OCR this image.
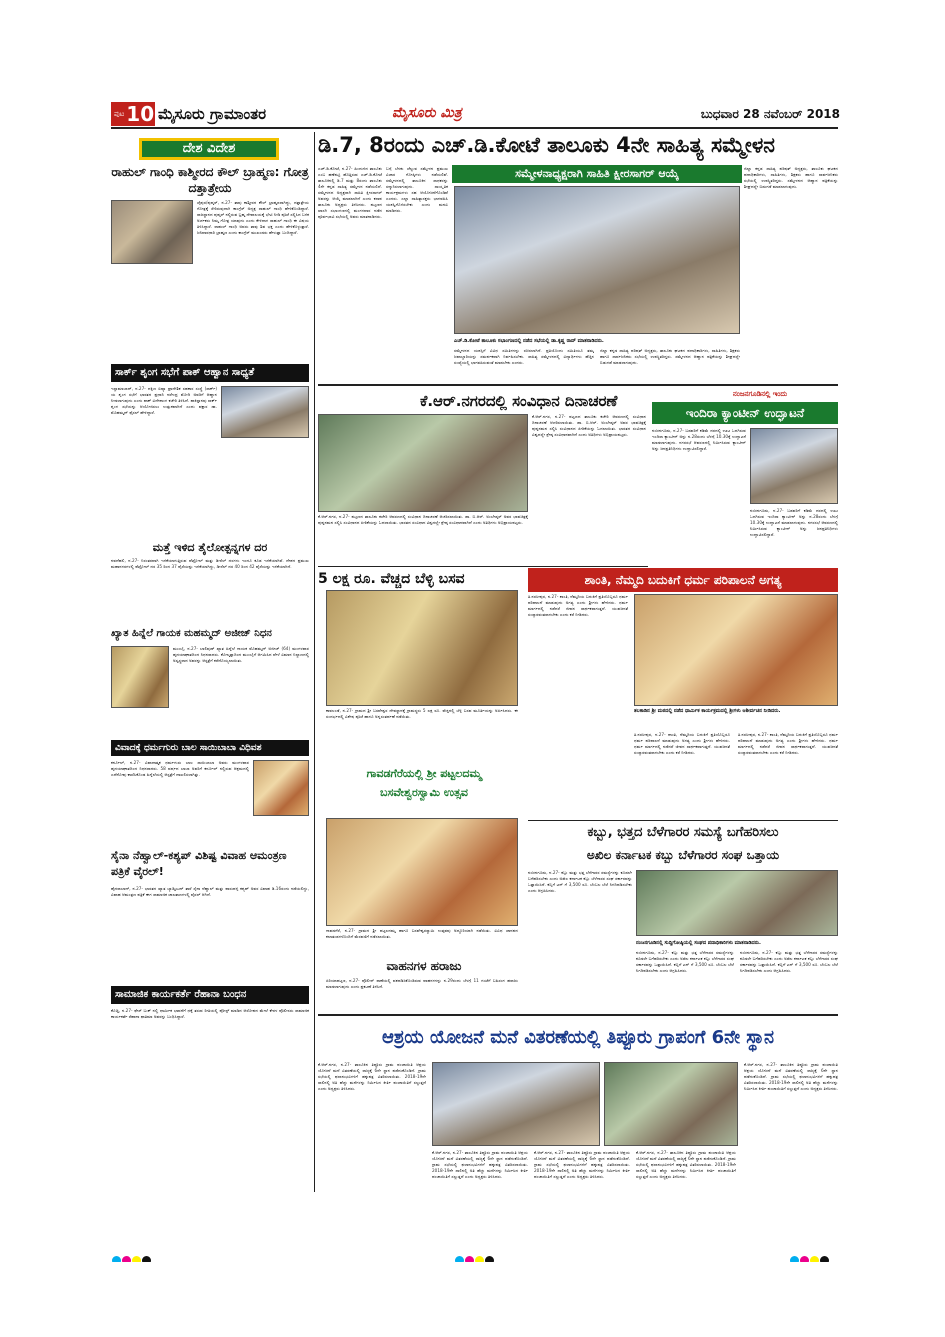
ಪುಟ 10 ಮೈಸೂರು ಗ್ರಾಮಾಂತರ	ಮೈಸೂರು ಮಿತ್ರ	ಬುಧವಾರ 28 ನವೆಂಬರ್ 2018
ದೇಶ ವಿದೇಶ
ರಾಹುಲ್ ಗಾಂಧಿ ಕಾಶ್ಮೀರದ ಕೌಲ್ ಬ್ರಾಹ್ಮಣ: ಗೋತ್ರ ದತ್ತಾತ್ರೇಯ
ಜೈಪುರ/ಪುಷ್ಕರ್, ನ.27- ತಾವು ಕಾಶ್ಮೀರದ ಕೌಲ್ ಬ್ರಾಹ್ಮಣರಾಗಿದ್ದು, ದತ್ತಾತ್ರೇಯ ಗೋತ್ರಕ್ಕೆ ಸೇರಿರುವುದಾಗಿ ಕಾಂಗ್ರೆಸ್ ಅಧ್ಯಕ್ಷ ರಾಹುಲ್ ಗಾಂಧಿ ಹೇಳಿಕೊಂಡಿದ್ದಾರೆ. ರಾಜಸ್ಥಾನದ ಪುಷ್ಕರ್ ನಲ್ಲಿರುವ ಬ್ರಹ್ಮ ದೇವಾಲಯಕ್ಕೆ ಭೇಟಿ ನೀಡಿ ಪೂಜೆ ಸಲ್ಲಿಸಿದ ಬಳಿಕ ಅರ್ಚಕರು ನಿಮ್ಮ ಗೋತ್ರ ಯಾವುದು ಎಂದು ಕೇಳಿದಾಗ ರಾಹುಲ್ ಗಾಂಧಿ ಈ ವಿಷಯ ತಿಳಿಸಿದ್ದಾರೆ. ರಾಹುಲ್ ಗಾಂಧಿ ಅವರು ತಾವು ಶಿವ ಭಕ್ತ ಎಂದು ಹೇಳಿಕೊಳ್ಳುತ್ತಾರೆ. ಜನಿವಾರಧಾರಿ ಬ್ರಾಹ್ಮಣ ಎಂದು ಕಾಂಗ್ರೆಸ್ ಮುಖಂಡರು ಹೇಳುತ್ತಾ ಬಂದಿದ್ದಾರೆ.
ಸಾರ್ಕ್ ಶೃಂಗ ಸಭೆಗೆ ಪಾಕ್ ಆಹ್ವಾನ ಸಾಧ್ಯತೆ
ಇಸ್ಲಾಮಾಬಾದ್, ನ.27- ದಕ್ಷಿಣ ಏಷ್ಯಾ ಪ್ರಾದೇಶಿಕ ಸಹಕಾರ ಸಂಸ್ಥೆ (ಸಾರ್ಕ್) ಯ ಶೃಂಗ ಸಭೆಗೆ ಭಾರತದ ಪ್ರಧಾನಿ ನರೇಂದ್ರ ಮೋದಿ ಅವರಿಗೆ ಆಹ್ವಾನ ನೀಡಲಾಗುವುದು ಎಂದು ಪಾಕ್ ವಿದೇಶಾಂಗ ಕಚೇರಿ ತಿಳಿಸಿದೆ. ಪಾಕಿಸ್ತಾನವು ಸಾರ್ಕ್ ಶೃಂಗ ಸಭೆಯನ್ನು ಆಯೋಜಿಸಲು ಉತ್ಸುಕವಾಗಿದೆ ಎಂದು ವಕ್ತಾರ ಡಾ. ಮೊಹಮ್ಮದ್ ಫೈಸಲ್ ಹೇಳಿದ್ದಾರೆ.
ಮತ್ತೆ ಇಳಿದ ತೈಲೋತ್ಪನ್ನಗಳ ದರ
ನವದೆಹಲಿ, ನ.27- ನಿರಂತರವಾಗಿ ಇಳಿಕೆಯಾಗುತ್ತಿರುವ ಪೆಟ್ರೋಲ್ ಮತ್ತು ಡೀಸೆಲ್ ದರಗಳು ಇಂದೂ ಕೂಡ ಇಳಿಕೆಯಾಗಿವೆ. ದೇಶದ ಪ್ರಮುಖ ಮಹಾನಗರಗಳಲ್ಲಿ ಪೆಟ್ರೋಲ್ ದರ 35 ರಿಂದ 37 ಪೈಸೆಯಷ್ಟು ಇಳಿಕೆಯಾಗಿದ್ದು, ಡೀಸೆಲ್ ದರ 40 ರಿಂದ 42 ಪೈಸೆಯಷ್ಟು ಇಳಿಕೆಯಾಗಿದೆ.
ಖ್ಯಾತ ಹಿನ್ನೆಲೆ ಗಾಯಕ ಮಹಮ್ಮದ್ ಅಜೀಜ್ ನಿಧನ
ಮುಂಬೈ, ನ.27- ಬಾಲಿವುಡ್ ಖ್ಯಾತ ಹಿನ್ನೆಲೆ ಗಾಯಕ ಮೊಹಮ್ಮದ್ ಅಜೀಜ್ (64) ಮಂಗಳವಾರ ಹೃದಯಾಘಾತದಿಂದ ನಿಧನರಾದರು. ಕೋಲ್ಕತ್ತಾದಿಂದ ಮುಂಬೈಗೆ ಆಗಮಿಸಿದ ವೇಳೆ ವಿಮಾನ ನಿಲ್ದಾಣದಲ್ಲಿ ಅಸ್ವಸ್ಥರಾದ ಅವರನ್ನು ಆಸ್ಪತ್ರೆಗೆ ಕರೆದೊಯ್ಯಲಾಯಿತು.
ವಿವಾದಕ್ಕೆ ಧರ್ಮಗುರು ಬಾಲ ಸಾಯಿಬಾಬಾ ವಿಧಿವಶ
ಕರ್ನೂಲ್, ನ.27- ವಿವಾದಾತ್ಮಕ ಧರ್ಮಗುರು ಬಾಲ ಸಾಯಿಬಾಬಾ ಅವರು ಮಂಗಳವಾರ ಹೃದಯಾಘಾತದಿಂದ ನಿಧನರಾದರು. 58 ವರ್ಷದ ಬಾಬಾ ಅವರಿಗೆ ಕರ್ನೂಲ್ ನಲ್ಲಿರುವ ಆಶ್ರಮದಲ್ಲಿ ಎದೆನೋವು ಕಾಣಿಸಿಕೊಂಡ ಹಿನ್ನೆಲೆಯಲ್ಲಿ ಆಸ್ಪತ್ರೆಗೆ ದಾಖಲಿಸಲಾಗಿತ್ತು.
ಸೈನಾ ನೆಹ್ವಾಲ್-ಕಶ್ಯಪ್ ವಿಶಿಷ್ಟ ವಿವಾಹ ಆಮಂತ್ರಣ ಪತ್ರಿಕೆ ವೈರಲ್!
ಹೈದರಾಬಾದ್, ನ.27- ಭಾರತದ ಖ್ಯಾತ ಬ್ಯಾಡ್ಮಿಂಟನ್ ತಾರೆ ಸೈನಾ ನೆಹ್ವಾಲ್ ಮತ್ತು ಪಾರುಪಳ್ಳಿ ಕಶ್ಯಪ್ ಅವರ ವಿವಾಹ ಡಿ.16ರಂದು ನಡೆಯಲಿದ್ದು, ವಿವಾಹ ಆಮಂತ್ರಣ ಪತ್ರಿಕೆ ಈಗ ಸಾಮಾಜಿಕ ಜಾಲತಾಣಗಳಲ್ಲಿ ವೈರಲ್ ಆಗಿದೆ.
ಸಾಮಾಜಿಕ ಕಾರ್ಯಕರ್ತೆ ರೆಹಾನಾ ಬಂಧನ
ಕೊಚ್ಚಿ, ನ.27- ಫೇಸ್ ಬುಕ್ ನಲ್ಲಿ ಧಾರ್ಮಿಕ ಭಾವನೆಗೆ ಧಕ್ಕೆ ತರುವ ರೀತಿಯಲ್ಲಿ ಪೋಸ್ಟ್ ಮಾಡಿದ ಆರೋಪದ ಮೇಲೆ ಕೇರಳ ಪೊಲೀಸರು ಸಾಮಾಜಿಕ ಕಾರ್ಯಕರ್ತೆ ರೆಹಾನಾ ಫಾತಿಮಾ ಅವರನ್ನು ಬಂಧಿಸಿದ್ದಾರೆ.
ಡಿ.7, 8ರಂದು ಎಚ್.ಡಿ.ಕೋಟೆ ತಾಲೂಕು 4ನೇ ಸಾಹಿತ್ಯ ಸಮ್ಮೇಳನ
ಸಮ್ಮೇಳನಾಧ್ಯಕ್ಷರಾಗಿ ಸಾಹಿತಿ ಕ್ಷೀರಸಾಗರ್ ಆಯ್ಕೆ
ಎಚ್.ಡಿ.ಕೋಟೆ, ನ.27- ಹಿಂದುಳಿದ ತಾಲೂಕು ಎಂಬ ಹಣೆಪಟ್ಟಿ ಹೊತ್ತಿರುವ ಎಚ್.ಡಿ.ಕೋಟೆ ತಾಲೂಕಿನಲ್ಲಿ ಡಿ.7 ಮತ್ತು 8ರಂದು ತಾಲೂಕು 4ನೇ ಕನ್ನಡ ಸಾಹಿತ್ಯ ಸಮ್ಮೇಳನ ನಡೆಯಲಿದೆ. ಸಮ್ಮೇಳನದ ಅಧ್ಯಕ್ಷರಾಗಿ ಸಾಹಿತಿ ಕ್ಷೀರಸಾಗರ್ ಅವರನ್ನು ಆಯ್ಕೆ ಮಾಡಲಾಗಿದೆ ಎಂದು ಕಸಾಪ ತಾಲೂಕು ಅಧ್ಯಕ್ಷರು ತಿಳಿಸಿದರು. ಪಟ್ಟಣದ ಖಾಸಗಿ ಸಭಾಂಗಣದಲ್ಲಿ ಮಂಗಳವಾರ ನಡೆದ ಪೂರ್ವಭಾವಿ ಸಭೆಯಲ್ಲಿ ಅವರು ಮಾತನಾಡಿದರು.
ಬಗ್ಗೆ ಬೆಳಕು ಚೆಲ್ಲುವ ಸಮ್ಮೇಳನ ಪ್ರಮುಖ ವಿಚಾರ ಗೋಷ್ಠಿಗಳು ನಡೆಯಲಿವೆ. ಸಮ್ಮೇಳನದಲ್ಲಿ ತಾಲೂಕಿನ ಸಾಧಕರನ್ನು ಸನ್ಮಾನಿಸಲಾಗುವುದು. ಸಾಂಸ್ಕೃತಿಕ ಕಾರ್ಯಕ್ರಮಗಳು ಸಹ ಆಯೋಜನೆಗೊಂಡಿವೆ ಎಂದರು. ಎಲ್ಲಾ ಸಾಹಿತ್ಯಾಸಕ್ತರು ಭಾಗವಹಿಸಿ ಯಶಸ್ವಿಗೊಳಿಸಬೇಕು ಎಂದು ಮನವಿ ಮಾಡಿದರು.
ಎಚ್.ಡಿ.ಕೋಟೆ ತಾಲೂಕು ಸಭಾಂಗಣದಲ್ಲಿ ನಡೆದ ಸಭೆಯಲ್ಲಿ ಡಾ.ಕೃಷ್ಣ ರಾವ್ ಮಾತನಾಡಿದರು.
ಸಮ್ಮೇಳನದ ಯಶಸ್ಸಿಗೆ ವಿವಿಧ ಸಮಿತಿಗಳನ್ನು ರಚಿಸಲಾಗಿದೆ. ಪ್ರತಿಯೊಂದು ಸಮಿತಿಯೂ ತಮ್ಮ ಜವಾಬ್ದಾರಿಯನ್ನು ಸಮರ್ಪಕವಾಗಿ ನಿರ್ವಹಿಸಬೇಕು. ಸಾಹಿತ್ಯ ಸಮ್ಮೇಳನದಲ್ಲಿ ವಿದ್ಯಾರ್ಥಿಗಳು ಹೆಚ್ಚಿನ ಸಂಖ್ಯೆಯಲ್ಲಿ ಭಾಗವಹಿಸುವಂತೆ ಮಾಡಬೇಕು ಎಂದರು.
ಜಿಲ್ಲಾ ಕನ್ನಡ ಸಾಹಿತ್ಯ ಪರಿಷತ್ ಅಧ್ಯಕ್ಷರು, ತಾಲೂಕು ಘಟಕದ ಪದಾಧಿಕಾರಿಗಳು, ಸಾಹಿತಿಗಳು, ಶಿಕ್ಷಕರು ಹಾಗೂ ಸಾರ್ವಜನಿಕರು ಸಭೆಯಲ್ಲಿ ಉಪಸ್ಥಿತರಿದ್ದರು. ಸಮ್ಮೇಳನದ ಆಹ್ವಾನ ಪತ್ರಿಕೆಯನ್ನು ಶೀಘ್ರದಲ್ಲೇ ಬಿಡುಗಡೆ ಮಾಡಲಾಗುವುದು.
ಜಿಲ್ಲಾ ಕನ್ನಡ ಸಾಹಿತ್ಯ ಪರಿಷತ್ ಅಧ್ಯಕ್ಷರು, ತಾಲೂಕು ಘಟಕದ ಪದಾಧಿಕಾರಿಗಳು, ಸಾಹಿತಿಗಳು, ಶಿಕ್ಷಕರು ಹಾಗೂ ಸಾರ್ವಜನಿಕರು ಸಭೆಯಲ್ಲಿ ಉಪಸ್ಥಿತರಿದ್ದರು. ಸಮ್ಮೇಳನದ ಆಹ್ವಾನ ಪತ್ರಿಕೆಯನ್ನು ಶೀಘ್ರದಲ್ಲೇ ಬಿಡುಗಡೆ ಮಾಡಲಾಗುವುದು.
ಕೆ.ಆರ್.ನಗರದಲ್ಲಿ ಸಂವಿಧಾನ ದಿನಾಚರಣೆ
ಕೆ.ಆರ್.ನಗರ, ನ.27- ಪಟ್ಟಣದ ತಾಲೂಕು ಕಚೇರಿ ಆವರಣದಲ್ಲಿ ಸಂವಿಧಾನ ದಿನಾಚರಣೆ ಆಚರಿಸಲಾಯಿತು. ಡಾ. ಬಿ.ಆರ್. ಅಂಬೇಡ್ಕರ್ ಅವರ ಭಾವಚಿತ್ರಕ್ಕೆ ಪುಷ್ಪನಮನ ಸಲ್ಲಿಸಿ ಸಂವಿಧಾನದ ಪೀಠಿಕೆಯನ್ನು ಓದಲಾಯಿತು. ಭಾರತದ ಸಂವಿಧಾನ ವಿಶ್ವದಲ್ಲೇ ಶ್ರೇಷ್ಠ ಸಂವಿಧಾನವಾಗಿದೆ ಎಂದು ಅತಿಥಿಗಳು ಅಭಿಪ್ರಾಯಪಟ್ಟರು.
ಕೆ.ಆರ್.ನಗರ, ನ.27- ಪಟ್ಟಣದ ತಾಲೂಕು ಕಚೇರಿ ಆವರಣದಲ್ಲಿ ಸಂವಿಧಾನ ದಿನಾಚರಣೆ ಆಚರಿಸಲಾಯಿತು. ಡಾ. ಬಿ.ಆರ್. ಅಂಬೇಡ್ಕರ್ ಅವರ ಭಾವಚಿತ್ರಕ್ಕೆ ಪುಷ್ಪನಮನ ಸಲ್ಲಿಸಿ ಸಂವಿಧಾನದ ಪೀಠಿಕೆಯನ್ನು ಓದಲಾಯಿತು. ಭಾರತದ ಸಂವಿಧಾನ ವಿಶ್ವದಲ್ಲೇ ಶ್ರೇಷ್ಠ ಸಂವಿಧಾನವಾಗಿದೆ ಎಂದು ಅತಿಥಿಗಳು ಅಭಿಪ್ರಾಯಪಟ್ಟರು.
ನಂಜನಗೂಡಿನಲ್ಲಿ ಇಂದು
ಇಂದಿರಾ ಕ್ಯಾಂಟೀನ್ ಉದ್ಘಾಟನೆ
ನಂಜನಗೂಡು, ನ.27- ಬಡವರಿಗೆ ಕಡಿಮೆ ದರದಲ್ಲಿ ಊಟ ಒದಗಿಸುವ ಇಂದಿರಾ ಕ್ಯಾಂಟೀನ್ ಅನ್ನು ನ.28ರಂದು ಬೆಳಗ್ಗೆ 10.30ಕ್ಕೆ ಉದ್ಘಾಟನೆ ಮಾಡಲಾಗುವುದು. ನಗರಸಭೆ ಆವರಣದಲ್ಲಿ ನಿರ್ಮಿಸಿರುವ ಕ್ಯಾಂಟೀನ್ ಅನ್ನು ಜನಪ್ರತಿನಿಧಿಗಳು ಉದ್ಘಾಟಿಸಲಿದ್ದಾರೆ.
ನಂಜನಗೂಡು, ನ.27- ಬಡವರಿಗೆ ಕಡಿಮೆ ದರದಲ್ಲಿ ಊಟ ಒದಗಿಸುವ ಇಂದಿರಾ ಕ್ಯಾಂಟೀನ್ ಅನ್ನು ನ.28ರಂದು ಬೆಳಗ್ಗೆ 10.30ಕ್ಕೆ ಉದ್ಘಾಟನೆ ಮಾಡಲಾಗುವುದು. ನಗರಸಭೆ ಆವರಣದಲ್ಲಿ ನಿರ್ಮಿಸಿರುವ ಕ್ಯಾಂಟೀನ್ ಅನ್ನು ಜನಪ್ರತಿನಿಧಿಗಳು ಉದ್ಘಾಟಿಸಲಿದ್ದಾರೆ.
5 ಲಕ್ಷ ರೂ. ವೆಚ್ಚದ ಬೆಳ್ಳಿ ಬಸವ
ಕಾವಲಂಡೆ, ನ.27- ಗ್ರಾಮದ ಶ್ರೀ ಬಸವೇಶ್ವರ ದೇವಸ್ಥಾನಕ್ಕೆ ಗ್ರಾಮಸ್ಥರು 5 ಲಕ್ಷ ರೂ. ವೆಚ್ಚದಲ್ಲಿ ಬೆಳ್ಳಿ ಬಸವ ಮೂರ್ತಿಯನ್ನು ಅರ್ಪಿಸಿದರು. ಈ ಸಂದರ್ಭದಲ್ಲಿ ವಿಶೇಷ ಪೂಜೆ ಹಾಗೂ ಅನ್ನಸಂತರ್ಪಣೆ ನಡೆಯಿತು.
ಶಾಂತಿ, ನೆಮ್ಮದಿ ಬದುಕಿಗೆ ಧರ್ಮ ಪರಿಪಾಲನೆ ಅಗತ್ಯ
ತಿ.ನರಸೀಪುರ, ನ.27- ಶಾಂತಿ, ನೆಮ್ಮದಿಯ ಬದುಕಿಗೆ ಪ್ರತಿಯೊಬ್ಬರೂ ಧರ್ಮ ಪರಿಪಾಲನೆ ಮಾಡುವುದು ಅಗತ್ಯ ಎಂದು ಶ್ರೀಗಳು ಹೇಳಿದರು. ಧರ್ಮ ಮಾರ್ಗದಲ್ಲಿ ನಡೆದರೆ ಜೀವನ ಸಾರ್ಥಕವಾಗುತ್ತದೆ. ಯುವಜನತೆ ಸಂಸ್ಕಾರವಂತರಾಗಬೇಕು ಎಂದು ಕರೆ ನೀಡಿದರು.
ತಲಕಾಡಿನ ಶ್ರೀ ಮಠದಲ್ಲಿ ನಡೆದ ಧಾರ್ಮಿಕ ಕಾರ್ಯಕ್ರಮದಲ್ಲಿ ಶ್ರೀಗಳು ಆಶೀರ್ವಚನ ನೀಡಿದರು.
ತಿ.ನರಸೀಪುರ, ನ.27- ಶಾಂತಿ, ನೆಮ್ಮದಿಯ ಬದುಕಿಗೆ ಪ್ರತಿಯೊಬ್ಬರೂ ಧರ್ಮ ಪರಿಪಾಲನೆ ಮಾಡುವುದು ಅಗತ್ಯ ಎಂದು ಶ್ರೀಗಳು ಹೇಳಿದರು. ಧರ್ಮ ಮಾರ್ಗದಲ್ಲಿ ನಡೆದರೆ ಜೀವನ ಸಾರ್ಥಕವಾಗುತ್ತದೆ. ಯುವಜನತೆ ಸಂಸ್ಕಾರವಂತರಾಗಬೇಕು ಎಂದು ಕರೆ ನೀಡಿದರು.
ತಿ.ನರಸೀಪುರ, ನ.27- ಶಾಂತಿ, ನೆಮ್ಮದಿಯ ಬದುಕಿಗೆ ಪ್ರತಿಯೊಬ್ಬರೂ ಧರ್ಮ ಪರಿಪಾಲನೆ ಮಾಡುವುದು ಅಗತ್ಯ ಎಂದು ಶ್ರೀಗಳು ಹೇಳಿದರು. ಧರ್ಮ ಮಾರ್ಗದಲ್ಲಿ ನಡೆದರೆ ಜೀವನ ಸಾರ್ಥಕವಾಗುತ್ತದೆ. ಯುವಜನತೆ ಸಂಸ್ಕಾರವಂತರಾಗಬೇಕು ಎಂದು ಕರೆ ನೀಡಿದರು.
ಗಾವಡಗೆರೆಯಲ್ಲಿ ಶ್ರೀ ಪಟ್ಟಲದಮ್ಮ
ಬಸವೇಶ್ವರಸ್ವಾಮಿ ಉತ್ಸವ
ಗಾವಡಗೆರೆ, ನ.27- ಗ್ರಾಮದ ಶ್ರೀ ಪಟ್ಟಲದಮ್ಮ ಹಾಗೂ ಬಸವೇಶ್ವರಸ್ವಾಮಿ ಉತ್ಸವವು ಅದ್ದೂರಿಯಾಗಿ ನಡೆಯಿತು. ವಿವಿಧ ಜಾನಪದ ಕಲಾತಂಡಗಳೊಂದಿಗೆ ಮೆರವಣಿಗೆ ನಡೆಸಲಾಯಿತು.
ವಾಹನಗಳ ಹರಾಜು
ಪಿರಿಯಾಪಟ್ಟಣ, ನ.27- ಪೊಲೀಸ್ ಠಾಣೆಯಲ್ಲಿ ವಶಪಡಿಸಿಕೊಂಡಿರುವ ವಾಹನಗಳನ್ನು ನ.29ರಂದು ಬೆಳಗ್ಗೆ 11 ಗಂಟೆಗೆ ಬಹಿರಂಗ ಹರಾಜು ಮಾಡಲಾಗುವುದು ಎಂದು ಪ್ರಕಟಣೆ ತಿಳಿಸಿದೆ.
ಕಬ್ಬು, ಭತ್ತದ ಬೆಳೆಗಾರರ ಸಮಸ್ಯೆ ಬಗೆಹರಿಸಲು
ಅಖಿಲ ಕರ್ನಾಟಕ ಕಬ್ಬು ಬೆಳೆಗಾರರ ಸಂಘ ಒತ್ತಾಯ
ನಂಜನಗೂಡು, ನ.27- ಕಬ್ಬು ಮತ್ತು ಭತ್ತ ಬೆಳೆಗಾರರ ಸಮಸ್ಯೆಗಳನ್ನು ಕೂಡಲೇ ಬಗೆಹರಿಸಬೇಕು ಎಂದು ಅಖಿಲ ಕರ್ನಾಟಕ ಕಬ್ಬು ಬೆಳೆಗಾರರ ಸಂಘ ಸರ್ಕಾರವನ್ನು ಒತ್ತಾಯಿಸಿದೆ. ಕಬ್ಬಿಗೆ ಟನ್ ಗೆ 3,500 ರೂ. ಬೆಂಬಲ ಬೆಲೆ ನಿಗದಿಪಡಿಸಬೇಕು ಎಂದು ಆಗ್ರಹಿಸಿದರು.
ನಂಜನಗೂಡಿನಲ್ಲಿ ಸುದ್ದಿಗೋಷ್ಠಿಯಲ್ಲಿ ಸಂಘದ ಪದಾಧಿಕಾರಿಗಳು ಮಾತನಾಡಿದರು.
ನಂಜನಗೂಡು, ನ.27- ಕಬ್ಬು ಮತ್ತು ಭತ್ತ ಬೆಳೆಗಾರರ ಸಮಸ್ಯೆಗಳನ್ನು ಕೂಡಲೇ ಬಗೆಹರಿಸಬೇಕು ಎಂದು ಅಖಿಲ ಕರ್ನಾಟಕ ಕಬ್ಬು ಬೆಳೆಗಾರರ ಸಂಘ ಸರ್ಕಾರವನ್ನು ಒತ್ತಾಯಿಸಿದೆ. ಕಬ್ಬಿಗೆ ಟನ್ ಗೆ 3,500 ರೂ. ಬೆಂಬಲ ಬೆಲೆ ನಿಗದಿಪಡಿಸಬೇಕು ಎಂದು ಆಗ್ರಹಿಸಿದರು.
ನಂಜನಗೂಡು, ನ.27- ಕಬ್ಬು ಮತ್ತು ಭತ್ತ ಬೆಳೆಗಾರರ ಸಮಸ್ಯೆಗಳನ್ನು ಕೂಡಲೇ ಬಗೆಹರಿಸಬೇಕು ಎಂದು ಅಖಿಲ ಕರ್ನಾಟಕ ಕಬ್ಬು ಬೆಳೆಗಾರರ ಸಂಘ ಸರ್ಕಾರವನ್ನು ಒತ್ತಾಯಿಸಿದೆ. ಕಬ್ಬಿಗೆ ಟನ್ ಗೆ 3,500 ರೂ. ಬೆಂಬಲ ಬೆಲೆ ನಿಗದಿಪಡಿಸಬೇಕು ಎಂದು ಆಗ್ರಹಿಸಿದರು.
ಆಶ್ರಯ ಯೋಜನೆ ಮನೆ ವಿತರಣೆಯಲ್ಲಿ ತಿಪ್ಪೂರು ಗ್ರಾಪಂಗೆ 6ನೇ ಸ್ಥಾನ
ಕೆ.ಆರ್.ನಗರ, ನ.27- ತಾಲೂಕಿನ ತಿಪ್ಪೂರು ಗ್ರಾಮ ಪಂಚಾಯಿತಿ ಆಶ್ರಯ ಯೋಜನೆ ಮನೆ ವಿತರಣೆಯಲ್ಲಿ ರಾಜ್ಯಕ್ಕೆ 6ನೇ ಸ್ಥಾನ ಪಡೆದುಕೊಂಡಿದೆ. ಗ್ರಾಮ ಸಭೆಯಲ್ಲಿ ಫಲಾನುಭವಿಗಳಿಗೆ ಹಕ್ಕುಪತ್ರ ವಿತರಿಸಲಾಯಿತು. 2018-19ನೇ ಸಾಲಿನಲ್ಲಿ ಅತಿ ಹೆಚ್ಚು ಮನೆಗಳನ್ನು ನಿರ್ಮಿಸಿದ ಕೀರ್ತಿ ಪಂಚಾಯಿತಿಗೆ ಸಲ್ಲುತ್ತದೆ ಎಂದು ಅಧ್ಯಕ್ಷರು ತಿಳಿಸಿದರು.
ಕೆ.ಆರ್.ನಗರ, ನ.27- ತಾಲೂಕಿನ ತಿಪ್ಪೂರು ಗ್ರಾಮ ಪಂಚಾಯಿತಿ ಆಶ್ರಯ ಯೋಜನೆ ಮನೆ ವಿತರಣೆಯಲ್ಲಿ ರಾಜ್ಯಕ್ಕೆ 6ನೇ ಸ್ಥಾನ ಪಡೆದುಕೊಂಡಿದೆ. ಗ್ರಾಮ ಸಭೆಯಲ್ಲಿ ಫಲಾನುಭವಿಗಳಿಗೆ ಹಕ್ಕುಪತ್ರ ವಿತರಿಸಲಾಯಿತು. 2018-19ನೇ ಸಾಲಿನಲ್ಲಿ ಅತಿ ಹೆಚ್ಚು ಮನೆಗಳನ್ನು ನಿರ್ಮಿಸಿದ ಕೀರ್ತಿ ಪಂಚಾಯಿತಿಗೆ ಸಲ್ಲುತ್ತದೆ ಎಂದು ಅಧ್ಯಕ್ಷರು ತಿಳಿಸಿದರು.
ಕೆ.ಆರ್.ನಗರ, ನ.27- ತಾಲೂಕಿನ ತಿಪ್ಪೂರು ಗ್ರಾಮ ಪಂಚಾಯಿತಿ ಆಶ್ರಯ ಯೋಜನೆ ಮನೆ ವಿತರಣೆಯಲ್ಲಿ ರಾಜ್ಯಕ್ಕೆ 6ನೇ ಸ್ಥಾನ ಪಡೆದುಕೊಂಡಿದೆ. ಗ್ರಾಮ ಸಭೆಯಲ್ಲಿ ಫಲಾನುಭವಿಗಳಿಗೆ ಹಕ್ಕುಪತ್ರ ವಿತರಿಸಲಾಯಿತು. 2018-19ನೇ ಸಾಲಿನಲ್ಲಿ ಅತಿ ಹೆಚ್ಚು ಮನೆಗಳನ್ನು ನಿರ್ಮಿಸಿದ ಕೀರ್ತಿ ಪಂಚಾಯಿತಿಗೆ ಸಲ್ಲುತ್ತದೆ ಎಂದು ಅಧ್ಯಕ್ಷರು ತಿಳಿಸಿದರು.
ಕೆ.ಆರ್.ನಗರ, ನ.27- ತಾಲೂಕಿನ ತಿಪ್ಪೂರು ಗ್ರಾಮ ಪಂಚಾಯಿತಿ ಆಶ್ರಯ ಯೋಜನೆ ಮನೆ ವಿತರಣೆಯಲ್ಲಿ ರಾಜ್ಯಕ್ಕೆ 6ನೇ ಸ್ಥಾನ ಪಡೆದುಕೊಂಡಿದೆ. ಗ್ರಾಮ ಸಭೆಯಲ್ಲಿ ಫಲಾನುಭವಿಗಳಿಗೆ ಹಕ್ಕುಪತ್ರ ವಿತರಿಸಲಾಯಿತು. 2018-19ನೇ ಸಾಲಿನಲ್ಲಿ ಅತಿ ಹೆಚ್ಚು ಮನೆಗಳನ್ನು ನಿರ್ಮಿಸಿದ ಕೀರ್ತಿ ಪಂಚಾಯಿತಿಗೆ ಸಲ್ಲುತ್ತದೆ ಎಂದು ಅಧ್ಯಕ್ಷರು ತಿಳಿಸಿದರು.
ಕೆ.ಆರ್.ನಗರ, ನ.27- ತಾಲೂಕಿನ ತಿಪ್ಪೂರು ಗ್ರಾಮ ಪಂಚಾಯಿತಿ ಆಶ್ರಯ ಯೋಜನೆ ಮನೆ ವಿತರಣೆಯಲ್ಲಿ ರಾಜ್ಯಕ್ಕೆ 6ನೇ ಸ್ಥಾನ ಪಡೆದುಕೊಂಡಿದೆ. ಗ್ರಾಮ ಸಭೆಯಲ್ಲಿ ಫಲಾನುಭವಿಗಳಿಗೆ ಹಕ್ಕುಪತ್ರ ವಿತರಿಸಲಾಯಿತು. 2018-19ನೇ ಸಾಲಿನಲ್ಲಿ ಅತಿ ಹೆಚ್ಚು ಮನೆಗಳನ್ನು ನಿರ್ಮಿಸಿದ ಕೀರ್ತಿ ಪಂಚಾಯಿತಿಗೆ ಸಲ್ಲುತ್ತದೆ ಎಂದು ಅಧ್ಯಕ್ಷರು ತಿಳಿಸಿದರು.
